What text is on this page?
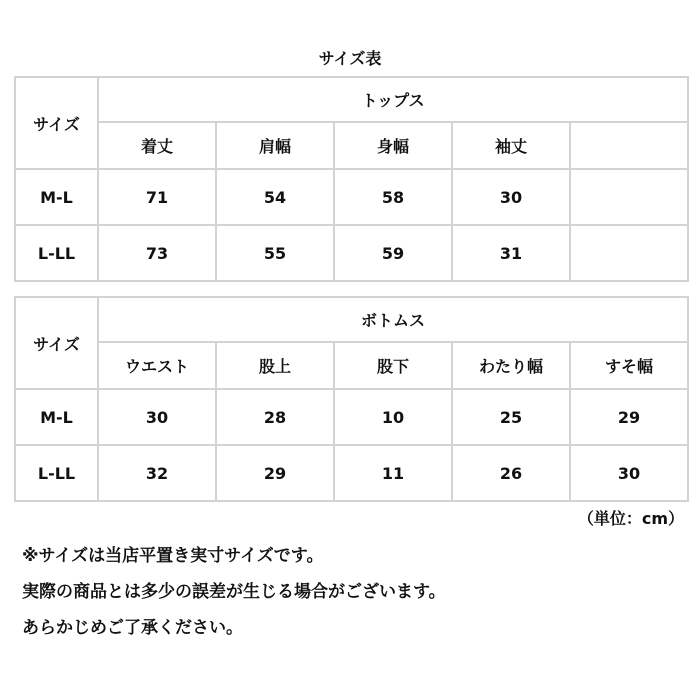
サイズ表
サイズ	トップス				
	着丈	肩幅	身幅	袖丈	
M-L	71	54	58	30	
L-LL	73	55	59	31	
サイズ	ボトムス				
	ウエスト	股上	股下	わたり幅	すそ幅
M-L	30	28	10	25	29
L-LL	32	29	11	26	30
（単位：cm）
※サイズは当店平置き実寸サイズです。
実際の商品とは多少の誤差が生じる場合がございます。
あらかじめご了承ください。
